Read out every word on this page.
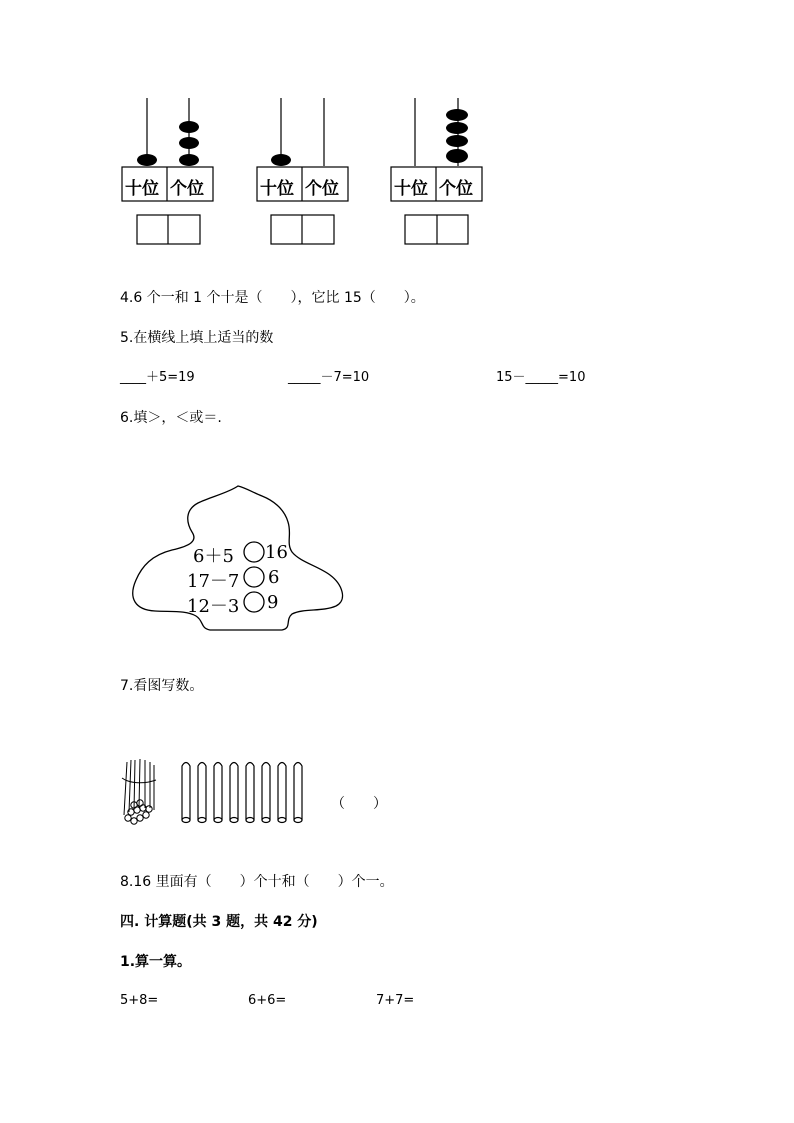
十位 个位	十位 个位	十位 个位
4.6 个一和 1 个十是（　　），它比 15（　　）。
5.在横线上填上适当的数
____＋5=19	_____－7=10	15－_____=10
6.填＞，＜或＝.
6＋5 16
17－7 6
12－3 9
7.看图写数。
（　　）
8.16 里面有（　　）个十和（　　）个一。
四. 计算题(共 3 题，共 42 分)
1.算一算。
5+8=	6+6=	7+7=
